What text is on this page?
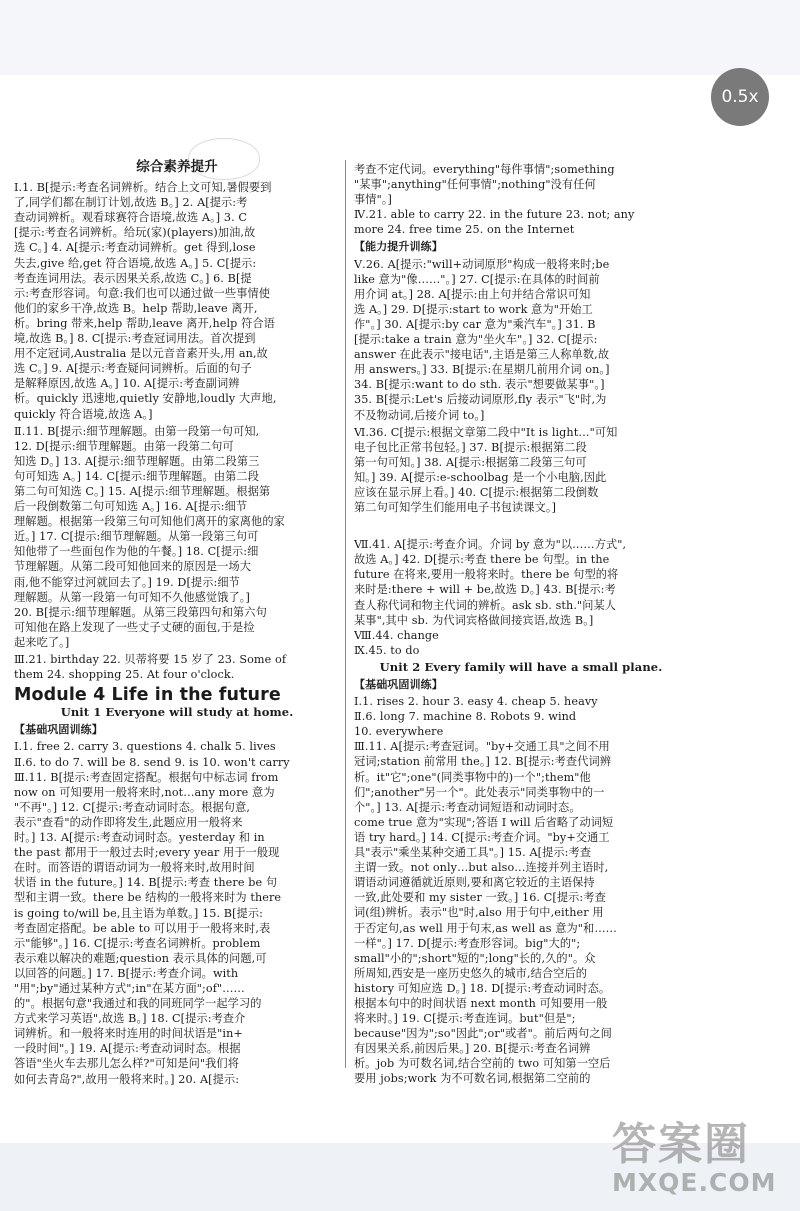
0.5x
综合素养提升
Ⅰ.1. B[提示:考查名词辨析。结合上文可知,暑假要到
了,同学们都在制订计划,故选 B。] 2. A[提示:考
查动词辨析。观看球赛符合语境,故选 A。] 3. C
[提示:考查名词辨析。给玩(家)(players)加油,故
选 C。] 4. A[提示:考查动词辨析。get 得到,lose
失去,give 给,get 符合语境,故选 A。] 5. C[提示:
考查连词用法。表示因果关系,故选 C。] 6. B[提
示:考查形容词。句意:我们也可以通过做一些事情使
他们的家乡干净,故选 B。help 帮助,leave 离开,
析。bring 带来,help 帮助,leave 离开,help 符合语
境,故选 B。] 8. C[提示:考查冠词用法。首次提到
用不定冠词,Australia 是以元音音素开头,用 an,故
选 C。] 9. A[提示:考查疑问词辨析。后面的句子
是解释原因,故选 A。] 10. A[提示:考查副词辨
析。quickly 迅速地,quietly 安静地,loudly 大声地,
quickly 符合语境,故选 A。]
Ⅱ.11. B[提示:细节理解题。由第一段第一句可知,
12. D[提示:细节理解题。由第一段第二句可
知选 D。] 13. A[提示:细节理解题。由第二段第三
句可知选 A。] 14. C[提示:细节理解题。由第二段
第二句可知选 C。] 15. A[提示:细节理解题。根据第
后一段倒数第二句可知选 A。] 16. A[提示:细节
理解题。根据第一段第三句可知他们离开的家离他的家
近。] 17. C[提示:细节理解题。从第一段第三句可
知他带了一些面包作为他的午餐。] 18. C[提示:细
节理解题。从第二段可知他回来的原因是一场大
雨,他不能穿过河就回去了。] 19. D[提示:细节
理解题。从第一段第一句可知不久他感觉饿了。]
20. B[提示:细节理解题。从第三段第四句和第六句
可知他在路上发现了一些丈子丈硬的面包,于是捡
起来吃了。]
Ⅲ.21. birthday 22. 贝蒂将要 15 岁了 23. Some of
them 24. shopping 25. At four o'clock.
Module 4 Life in the future
Unit 1 Everyone will study at home.
【基础巩固训练】
Ⅰ.1. free 2. carry 3. questions 4. chalk 5. lives
Ⅱ.6. to do 7. will be 8. send 9. is 10. won't carry
Ⅲ.11. B[提示:考查固定搭配。根据句中标志词 from
now on 可知要用一般将来时,not…any more 意为
"不再"。] 12. C[提示:考查动词时态。根据句意,
表示"查看"的动作即将发生,此题应用一般将来
时。] 13. A[提示:考查动词时态。yesterday 和 in
the past 都用于一般过去时;every year 用于一般现
在时。而答语的谓语动词为一般将来时,故用时间
状语 in the future。] 14. B[提示:考查 there be 句
型和主谓一致。there be 结构的一般将来时为 there
is going to/will be,且主语为单数。] 15. B[提示:
考查固定搭配。be able to 可以用于一般将来时,表
示"能够"。] 16. C[提示:考查名词辨析。problem
表示难以解决的难题;question 表示具体的问题,可
以回答的问题。] 17. B[提示:考查介词。with
"用";by"通过某种方式";in"在某方面";of"……
的"。根据句意"我通过和我的同班同学一起学习的
方式来学习英语",故选 B。] 18. C[提示:考查介
词辨析。和一般将来时连用的时间状语是"in+
一段时间"。] 19. A[提示:考查动词时态。根据
答语"坐火车去那儿怎么样?"可知是问"我们将
如何去青岛?",故用一般将来时。] 20. A[提示:
考查不定代词。everything"每件事情";something
"某事";anything"任何事情";nothing"没有任何
事情"。]
Ⅳ.21. able to carry 22. in the future 23. not; any
more 24. free time 25. on the Internet
【能力提升训练】
Ⅴ.26. A[提示:"will+动词原形"构成一般将来时;be
like 意为"像……"。] 27. C[提示:在具体的时间前
用介词 at。] 28. A[提示:由上句并结合常识可知
选 A。] 29. D[提示:start to work 意为"开始工
作"。] 30. A[提示:by car 意为"乘汽车"。] 31. B
[提示:take a train 意为"坐火车"。] 32. C[提示:
answer 在此表示"接电话",主语是第三人称单数,故
用 answers。] 33. B[提示:在星期几前用介词 on。]
34. B[提示:want to do sth. 表示"想要做某事"。]
35. B[提示:Let's 后接动词原形,fly 表示"飞"时,为
不及物动词,后接介词 to。]
Ⅵ.36. C[提示:根据文章第二段中"It is light…"可知
电子包比正常书包轻。] 37. B[提示:根据第二段
第一句可知。] 38. A[提示:根据第二段第三句可
知。] 39. A[提示:e-schoolbag 是一个小电脑,因此
应该在显示屏上看。] 40. C[提示:根据第二段倒数
第二句可知学生们能用电子书包读课文。]
Ⅶ.41. A[提示:考查介词。介词 by 意为"以……方式",
故选 A。] 42. D[提示:考查 there be 句型。in the
future 在将来,要用一般将来时。there be 句型的将
来时是:there + will + be,故选 D。] 43. B[提示:考
查人称代词和物主代词的辨析。ask sb. sth."问某人
某事",其中 sb. 为代词宾格做间接宾语,故选 B。]
Ⅷ.44. change
Ⅸ.45. to do
Unit 2 Every family will have a small plane.
【基础巩固训练】
Ⅰ.1. rises 2. hour 3. easy 4. cheap 5. heavy
Ⅱ.6. long 7. machine 8. Robots 9. wind
10. everywhere
Ⅲ.11. A[提示:考查冠词。"by+交通工具"之间不用
冠词;station 前常用 the。] 12. B[提示:考查代词辨
析。it"它";one"(同类事物中的)一个";them"他
们";another"另一个"。此处表示"同类事物中的一
个"。] 13. A[提示:考查动词短语和动词时态。
come true 意为"实现";答语 I will 后省略了动词短
语 try hard。] 14. C[提示:考查介词。"by+交通工
具"表示"乘坐某种交通工具"。] 15. A[提示:考查
主谓一致。not only…but also…连接并列主语时,
谓语动词遵循就近原则,要和离它较近的主语保持
一致,此处要和 my sister 一致。] 16. C[提示:考查
词(组)辨析。表示"也"时,also 用于句中,either 用
于否定句,as well 用于句末,as well as 意为"和……
一样"。] 17. D[提示:考查形容词。big"大的";
small"小的";short"短的";long"长的,久的"。众
所周知,西安是一座历史悠久的城市,结合空后的
history 可知应选 D。] 18. D[提示:考查动词时态。
根据本句中的时间状语 next month 可知要用一般
将来时。] 19. C[提示:考查连词。but"但是";
because"因为";so"因此";or"或者"。前后两句之间
有因果关系,前因后果。] 20. B[提示:考查名词辨
析。job 为可数名词,结合空前的 two 可知第一空后
要用 jobs;work 为不可数名词,根据第二空前的
答案圈
MXQE.COM
